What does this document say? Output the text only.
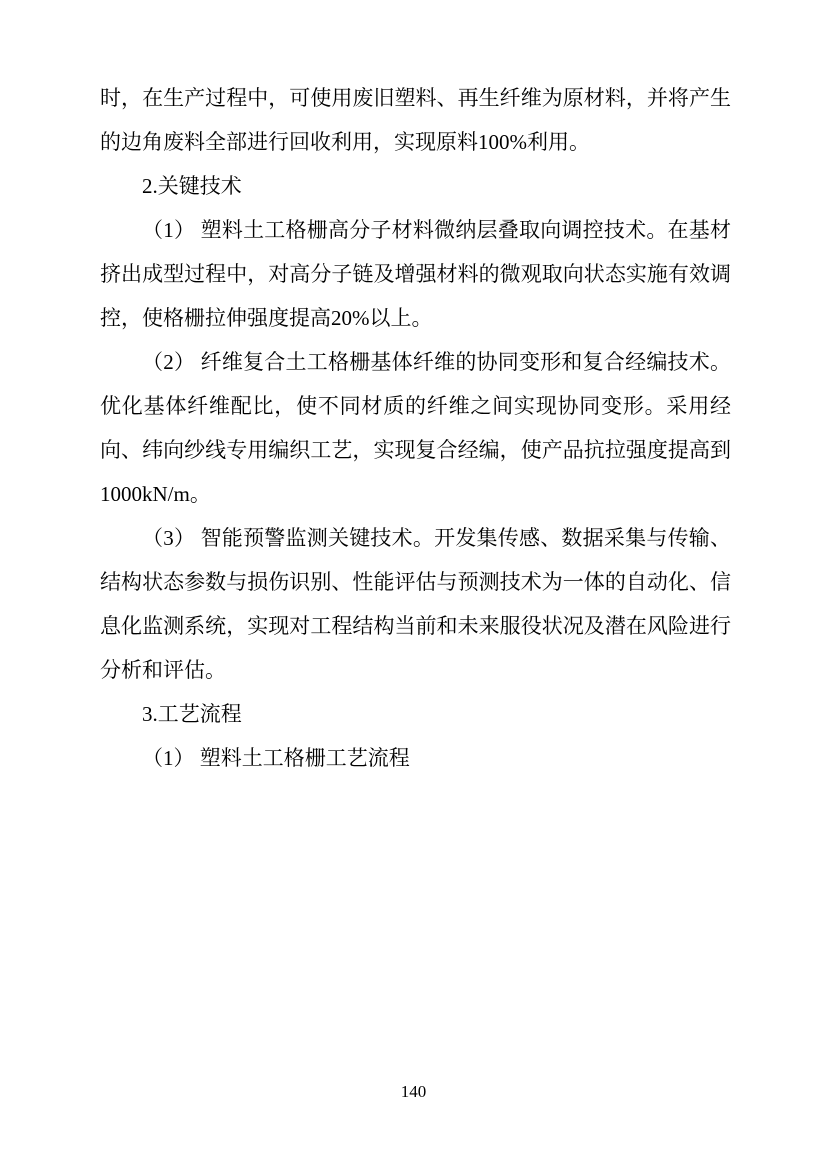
时，在生产过程中，可使用废旧塑料、再生纤维为原材料，并将产生的边角废料全部进行回收利用，实现原料100%利用。

2.关键技术

（1） 塑料土工格栅高分子材料微纳层叠取向调控技术。在基材挤出成型过程中，对高分子链及增强材料的微观取向状态实施有效调控，使格栅拉伸强度提高20%以上。

（2） 纤维复合土工格栅基体纤维的协同变形和复合经编技术。优化基体纤维配比，使不同材质的纤维之间实现协同变形。采用经向、纬向纱线专用编织工艺，实现复合经编，使产品抗拉强度提高到1000kN/m。

（3） 智能预警监测关键技术。开发集传感、数据采集与传输、结构状态参数与损伤识别、性能评估与预测技术为一体的自动化、信息化监测系统，实现对工程结构当前和未来服役状况及潜在风险进行分析和评估。

3.工艺流程

（1） 塑料土工格栅工艺流程

140
